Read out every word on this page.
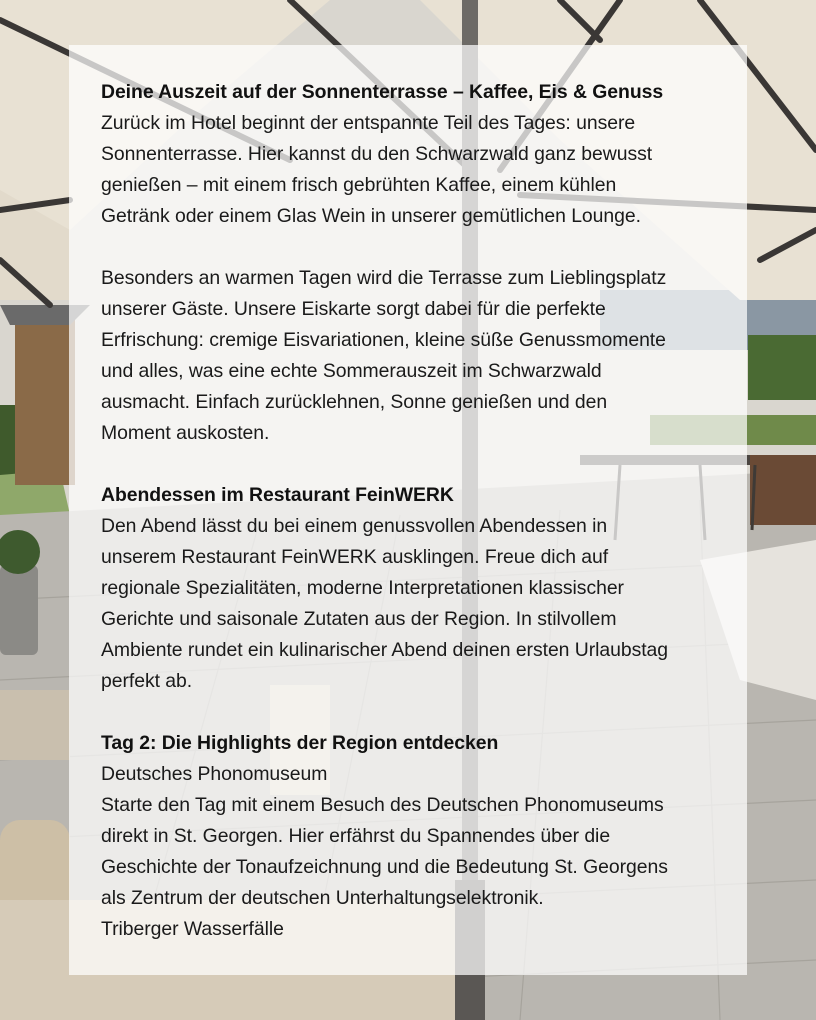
Deine Auszeit auf der Sonnenterrasse – Kaffee, Eis & Genuss

Zurück im Hotel beginnt der entspannte Teil des Tages: unsere

Sonnenterrasse. Hier kannst du den Schwarzwald ganz bewusst

genießen – mit einem frisch gebrühten Kaffee, einem kühlen

Getränk oder einem Glas Wein in unserer gemütlichen Lounge.

Besonders an warmen Tagen wird die Terrasse zum Lieblingsplatz

unserer Gäste. Unsere Eiskarte sorgt dabei für die perfekte

Erfrischung: cremige Eisvariationen, kleine süße Genussmomente

und alles, was eine echte Sommerauszeit im Schwarzwald

ausmacht. Einfach zurücklehnen, Sonne genießen und den

Moment auskosten.

Abendessen im Restaurant FeinWERK

Den Abend lässt du bei einem genussvollen Abendessen in

unserem Restaurant FeinWERK ausklingen. Freue dich auf

regionale Spezialitäten, moderne Interpretationen klassischer

Gerichte und saisonale Zutaten aus der Region. In stilvollem

Ambiente rundet ein kulinarischer Abend deinen ersten Urlaubstag

perfekt ab.

Tag 2: Die Highlights der Region entdecken

Deutsches Phonomuseum

Starte den Tag mit einem Besuch des Deutschen Phonomuseums

direkt in St. Georgen. Hier erfährst du Spannendes über die

Geschichte der Tonaufzeichnung und die Bedeutung St. Georgens

als Zentrum der deutschen Unterhaltungselektronik.

Triberger Wasserfälle
